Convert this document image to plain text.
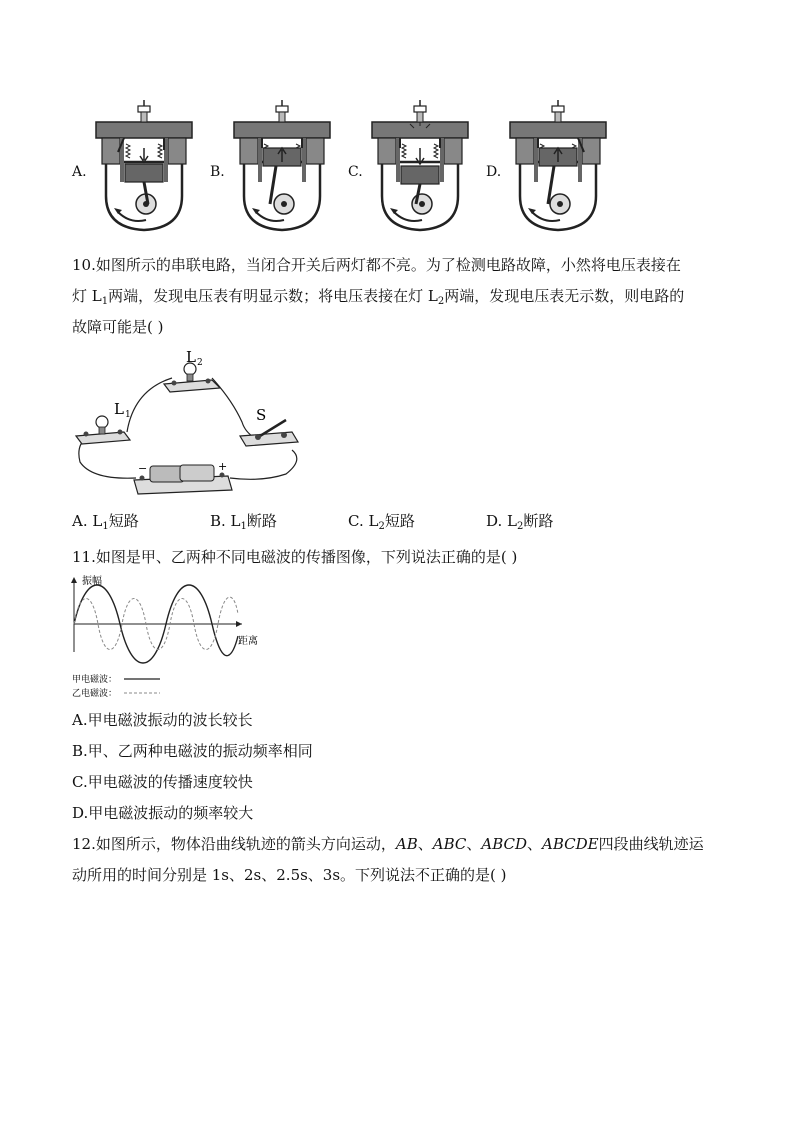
A.	B.	C.	D.
10.如图所示的串联电路，当闭合开关后两灯都不亮。为了检测电路故障，小然将电压表接在
灯 $L_1$两端，发现电压表有明显示数；将电压表接在灯 $L_2$两端，发现电压表无示数，则电路的
故障可能是( )
L 2
L 1	S
−	+
A. $L_1$短路	B. $L_1$断路	C. $L_2$短路	D. $L_2$断路
11.如图是甲、乙两种不同电磁波的传播图像，下列说法正确的是( )
振幅
距离
甲电磁波：
乙电磁波：
A.甲电磁波振动的波长较长
B.甲、乙两种电磁波的振动频率相同
C.甲电磁波的传播速度较快
D.甲电磁波振动的频率较大
12.如图所示，物体沿曲线轨迹的箭头方向运动，AB、ABC、ABCD、ABCDE四段曲线轨迹运
动所用的时间分别是 1s、2s、2.5s、3s。下列说法不正确的是( )
